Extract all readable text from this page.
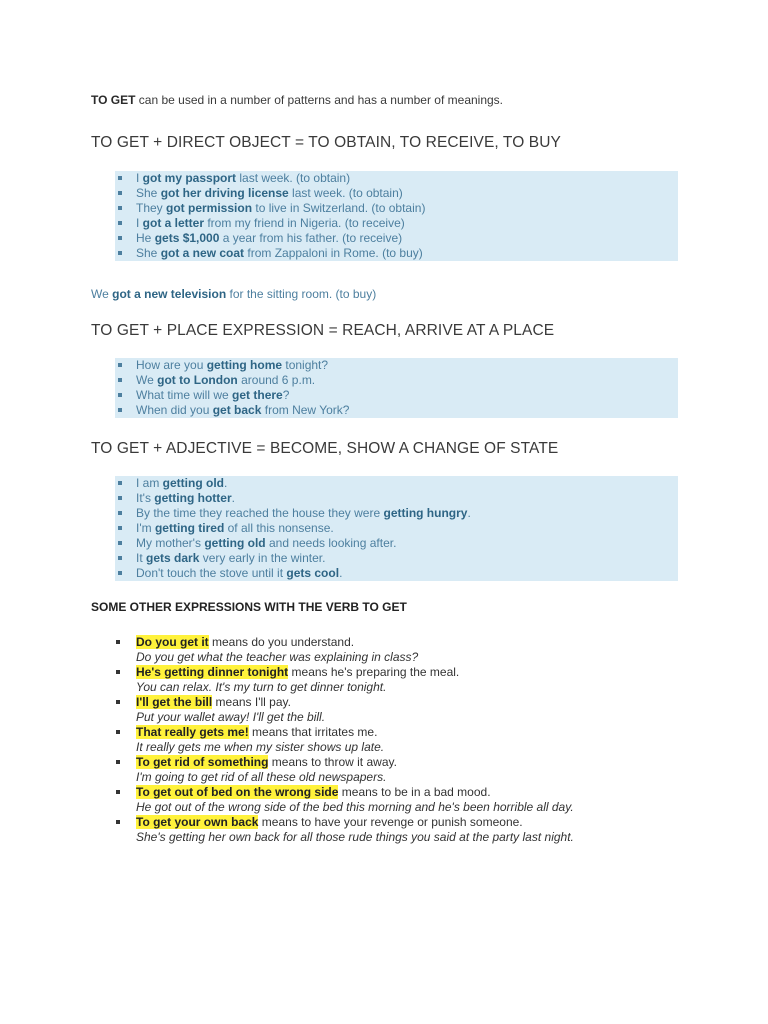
TO GET can be used in a number of patterns and has a number of meanings.

TO GET + DIRECT OBJECT = TO OBTAIN, TO RECEIVE, TO BUY
I got my passport last week. (to obtain)
She got her driving license last week. (to obtain)
They got permission to live in Switzerland. (to obtain)
I got a letter from my friend in Nigeria. (to receive)
He gets $1,000 a year from his father. (to receive)
She got a new coat from Zappaloni in Rome. (to buy)

We got a new television for the sitting room. (to buy)

TO GET + PLACE EXPRESSION = REACH, ARRIVE AT A PLACE
How are you getting home tonight?
We got to London around 6 p.m.
What time will we get there?
When did you get back from New York?
TO GET + ADJECTIVE = BECOME, SHOW A CHANGE OF STATE
I am getting old.
It's getting hotter.
By the time they reached the house they were getting hungry.
I'm getting tired of all this nonsense.
My mother's getting old and needs looking after.
It gets dark very early in the winter.
Don't touch the stove until it gets cool.

SOME OTHER EXPRESSIONS WITH THE VERB TO GET

Do you get it means do you understand.
Do you get what the teacher was explaining in class?
He's getting dinner tonight means he's preparing the meal.
You can relax. It's my turn to get dinner tonight.
I'll get the bill means I'll pay.
Put your wallet away! I'll get the bill.
That really gets me! means that irritates me.
It really gets me when my sister shows up late.
To get rid of something means to throw it away.
I'm going to get rid of all these old newspapers.
To get out of bed on the wrong side means to be in a bad mood.
He got out of the wrong side of the bed this morning and he's been horrible all day.
To get your own back means to have your revenge or punish someone.
She's getting her own back for all those rude things you said at the party last night.
